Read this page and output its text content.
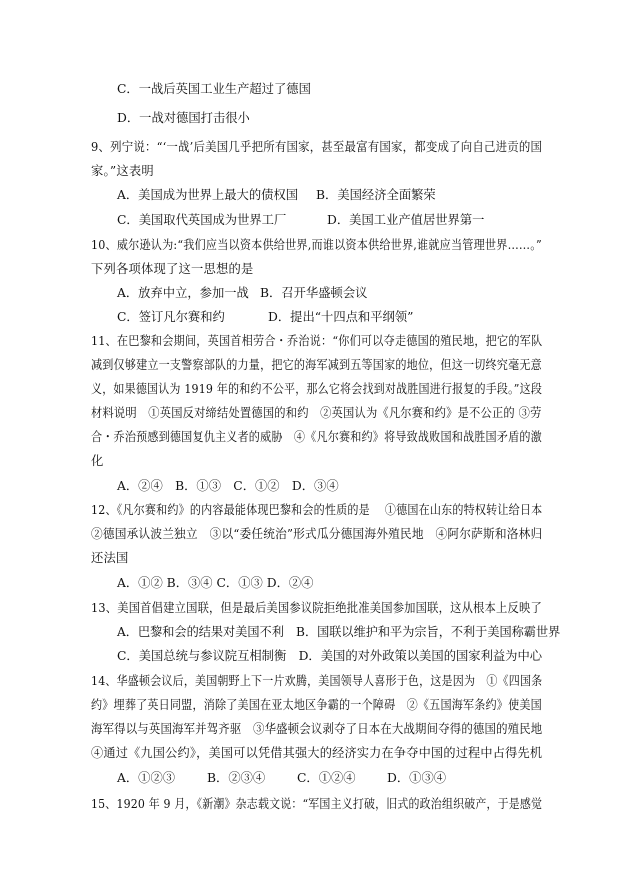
C．一战后英国工业生产超过了德国
D．一战对德国打击很小
9、列宁说：“‘一战’后美国几乎把所有国家，甚至最富有国家，都变成了向自己进贡的国
家。”这表明
A．美国成为世界上最大的债权国 B．美国经济全面繁荣
C．美国取代英国成为世界工厂	D．美国工业产值居世界第一
10、威尔逊认为:“我们应当以资本供给世界,而谁以资本供给世界,谁就应当管理世界……。”
下列各项体现了这一思想的是
A．放弃中立，参加一战 B．召开华盛顿会议
C．签订凡尔赛和约	D．提出“十四点和平纲领”
11、在巴黎和会期间，英国首相劳合・乔治说：“你们可以夺走德国的殖民地，把它的军队
减到仅够建立一支警察部队的力量，把它的海军减到五等国家的地位，但这一切终究毫无意
义，如果德国认为 1919 年的和约不公平，那么它将会找到对战胜国进行报复的手段。”这段
材料说明　①英国反对缔结处置德国的和约　②英国认为《凡尔赛和约》是不公正的 ③劳
合・乔治预感到德国复仇主义者的威胁　④《凡尔赛和约》将导致战败国和战胜国矛盾的激
化
A．②④　B．①③　C．①②　D．③④
12、《凡尔赛和约》的内容最能体现巴黎和会的性质的是　 ①德国在山东的特权转让给日本
②德国承认波兰独立　③以“委任统治”形式瓜分德国海外殖民地　④阿尔萨斯和洛林归
还法国
A．①② B．③④ C．①③ D．②④
13、美国首倡建立国联，但是最后美国参议院拒绝批准美国参加国联，这从根本上反映了
A．巴黎和会的结果对美国不利　B．国联以维护和平为宗旨，不利于美国称霸世界
C．美国总统与参议院互相制衡　D．美国的对外政策以美国的国家利益为中心
14、华盛顿会议后，美国朝野上下一片欢腾，美国领导人喜形于色，这是因为　①《四国条
约》埋葬了英日同盟，消除了美国在亚太地区争霸的一个障碍　②《五国海军条约》使美国
海军得以与英国海军并驾齐驱　③华盛顿会议剥夺了日本在大战期间夺得的德国的殖民地
④通过《九国公约》，美国可以凭借其强大的经济实力在争夺中国的过程中占得先机
A．①②③	B．②③④	C．①②④	D．①③④
15、1920 年 9 月，《新潮》杂志载文说：“军国主义打破，旧式的政治组织破产，于是感觉
